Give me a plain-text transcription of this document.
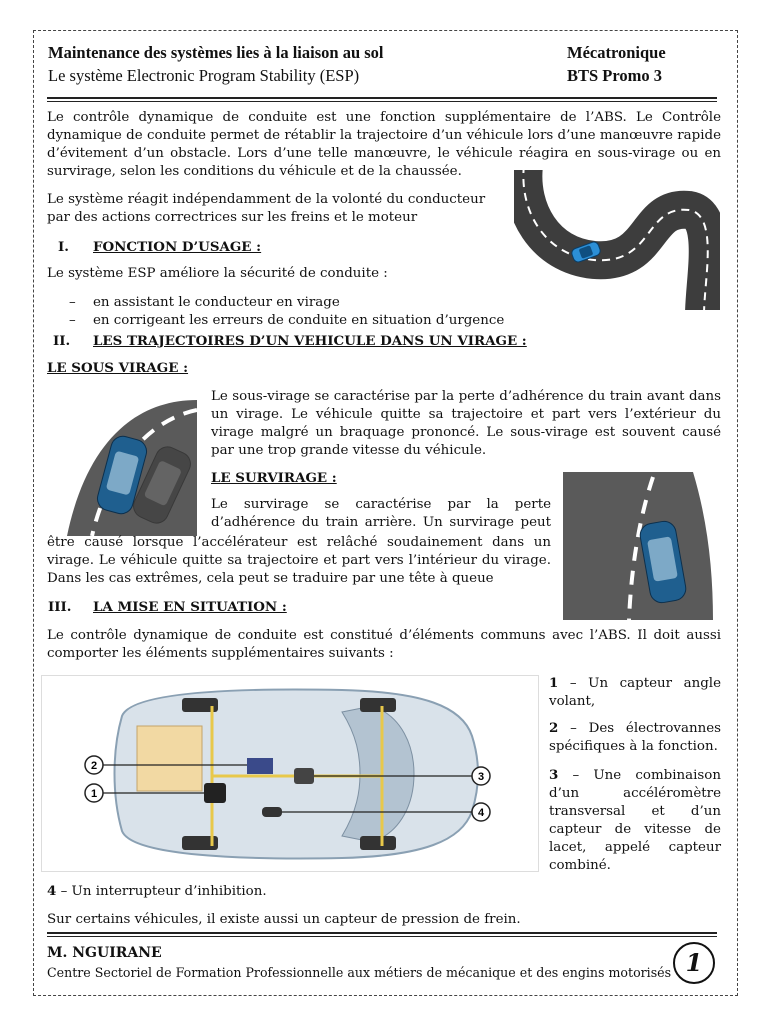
Maintenance des systèmes lies à la liaison au sol
Le système Electronic Program Stability (ESP)
Mécatronique
BTS Promo 3

Le contrôle dynamique de conduite est une fonction supplémentaire de l’ABS. Le Contrôle dynamique de conduite permet de rétablir la trajectoire d’un véhicule lors d’une manœuvre rapide d’évitement d’un obstacle. Lors d’une telle manœuvre, le véhicule réagira en sous-virage ou en survirage, selon les conditions du véhicule et de la chaussée.

Le système réagit indépendamment de la volonté du conducteur
par des actions correctrices sur les freins et le moteur
I. FONCTION D’USAGE :
Le système ESP améliore la sécurité de conduite :
– en assistant le conducteur en virage
– en corrigeant les erreurs de conduite en situation d’urgence
II. LES TRAJECTOIRES D’UN VEHICULE DANS UN VIRAGE :
LE SOUS VIRAGE :

Le sous-virage se caractérise par la perte d’adhérence du train avant dans un virage. Le véhicule quitte sa trajectoire et part vers l’extérieur du virage malgré un braquage prononcé. Le sous-virage est souvent causé par une trop grande vitesse du véhicule.

LE SURVIRAGE :

Le survirage se caractérise par la perte d’adhérence du train arrière. Un survirage peut

être causé lorsque l’accélérateur est relâché soudainement dans un virage. Le véhicule quitte sa trajectoire et part vers l’intérieur du virage. Dans les cas extrêmes, cela peut se traduire par une tête à queue

III. LA MISE EN SITUATION :

Le contrôle dynamique de conduite est constitué d’éléments communs avec l’ABS. Il doit aussi comporter les éléments supplémentaires suivants :

2
1
3
4

1 – Un capteur angle volant,

2 – Des électrovannes spécifiques à la fonction.

3 – Une combinaison d’un accéléromètre transversal et d’un capteur de vitesse de lacet, appelé capteur combiné.

4 – Un interrupteur d’inhibition.

Sur certains véhicules, il existe aussi un capteur de pression de frein.

M. NGUIRANE
Centre Sectoriel de Formation Professionnelle aux métiers de mécanique et des engins motorisés 1
